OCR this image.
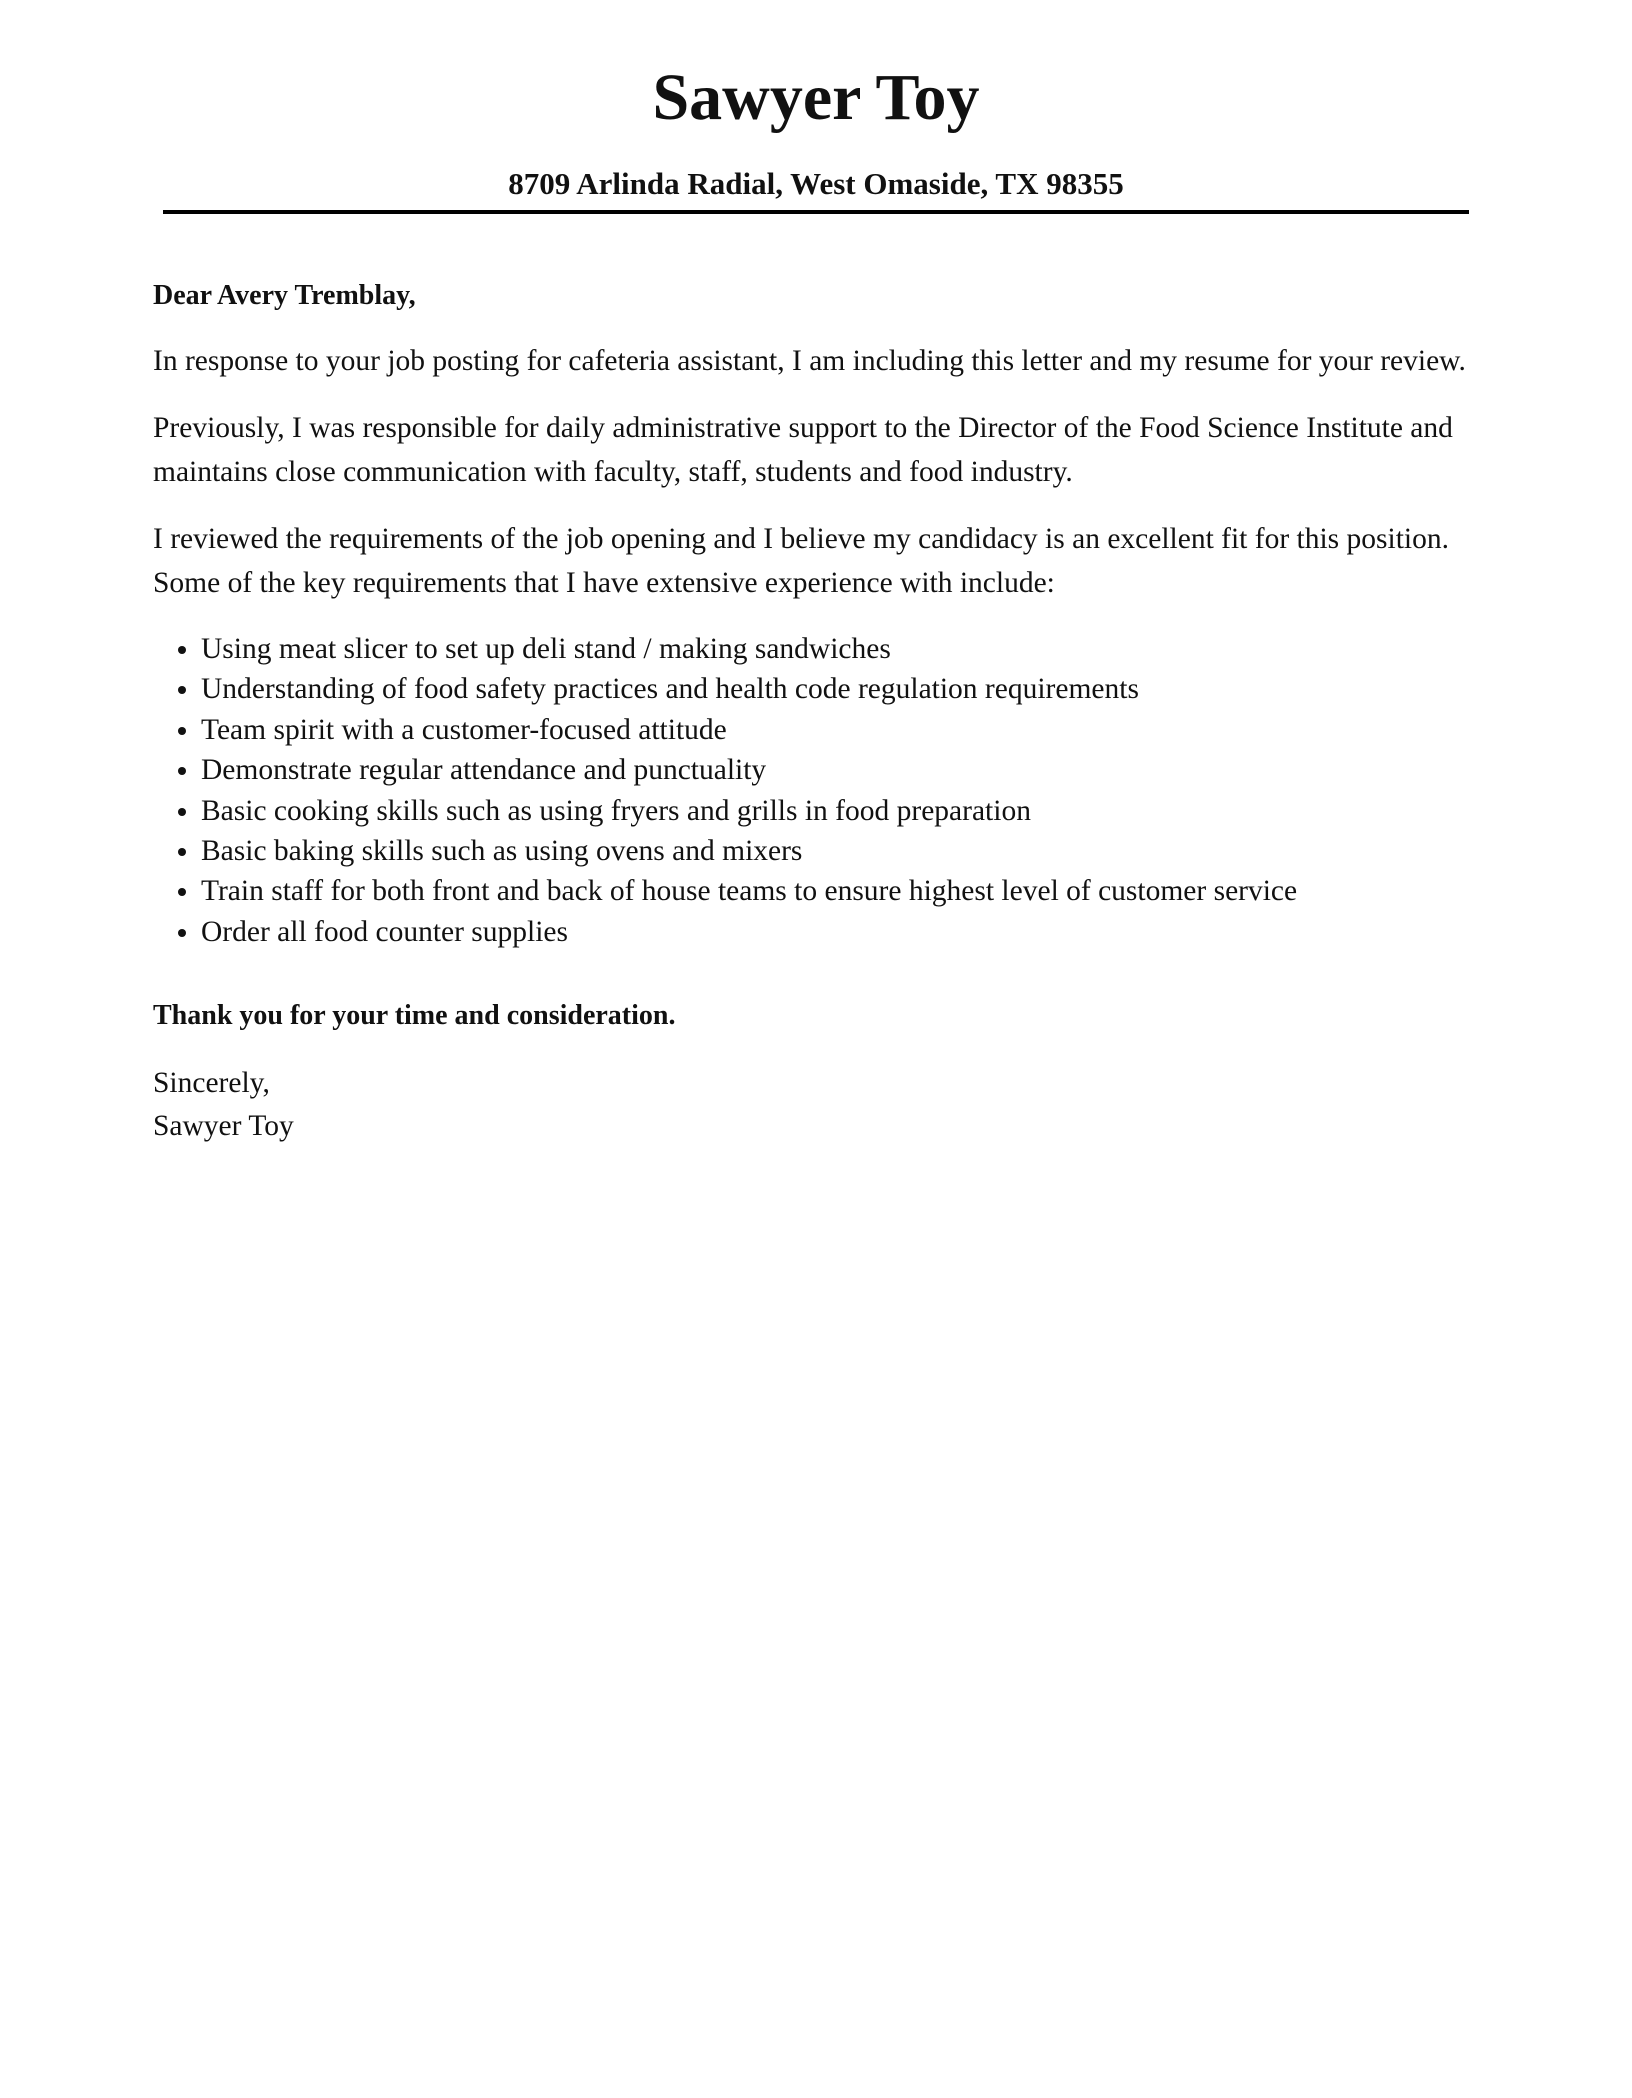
Sawyer Toy
8709 Arlinda Radial, West Omaside, TX 98355

Dear Avery Tremblay,

In response to your job posting for cafeteria assistant, I am including this letter and my resume for your review.

Previously, I was responsible for daily administrative support to the Director of the Food Science Institute and maintains close communication with faculty, staff, students and food industry.

I reviewed the requirements of the job opening and I believe my candidacy is an excellent fit for this position. Some of the key requirements that I have extensive experience with include:

Using meat slicer to set up deli stand / making sandwiches
Understanding of food safety practices and health code regulation requirements
Team spirit with a customer-focused attitude
Demonstrate regular attendance and punctuality
Basic cooking skills such as using fryers and grills in food preparation
Basic baking skills such as using ovens and mixers
Train staff for both front and back of house teams to ensure highest level of customer service
Order all food counter supplies

Thank you for your time and consideration.

Sincerely,
Sawyer Toy
